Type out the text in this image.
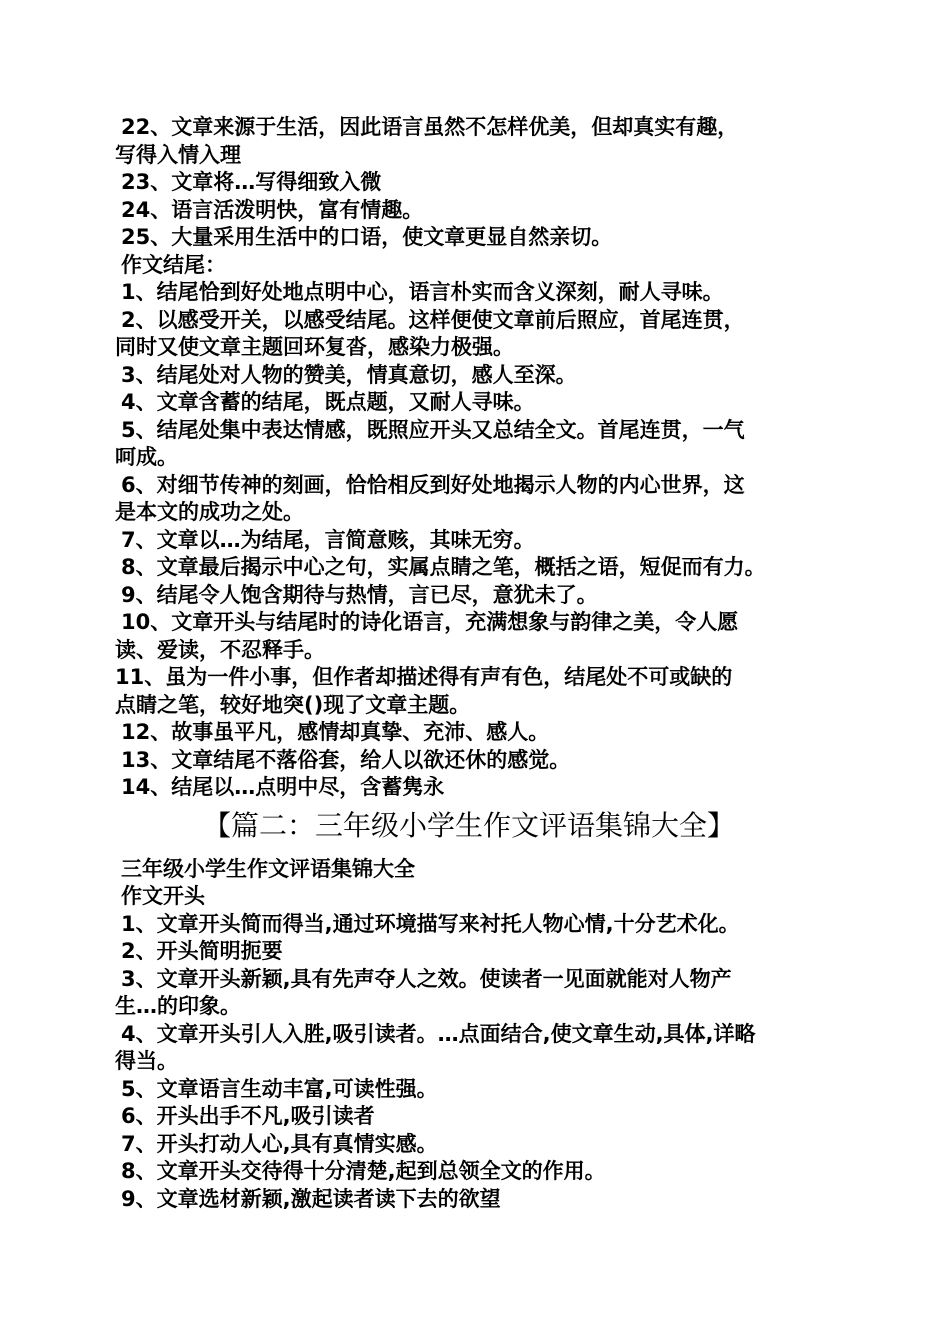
22、文章来源于生活，因此语言虽然不怎样优美，但却真实有趣，
写得入情入理
23、文章将…写得细致入微
24、语言活泼明快，富有情趣。
25、大量采用生活中的口语，使文章更显自然亲切。
作文结尾：
1、结尾恰到好处地点明中心，语言朴实而含义深刻，耐人寻味。
2、以感受开关，以感受结尾。这样便使文章前后照应，首尾连贯，
同时又使文章主题回环复沓，感染力极强。
3、结尾处对人物的赞美，情真意切，感人至深。
4、文章含蓄的结尾，既点题，又耐人寻味。
5、结尾处集中表达情感，既照应开头又总结全文。首尾连贯，一气
呵成。
6、对细节传神的刻画，恰恰相反到好处地揭示人物的内心世界，这
是本文的成功之处。
7、文章以…为结尾，言简意赅，其味无穷。
8、文章最后揭示中心之句，实属点睛之笔，概括之语，短促而有力。
9、结尾令人饱含期待与热情，言已尽，意犹未了。
10、文章开头与结尾时的诗化语言，充满想象与韵律之美，令人愿
读、爱读，不忍释手。
11、虽为一件小事，但作者却描述得有声有色，结尾处不可或缺的
点睛之笔，较好地突()现了文章主题。
12、故事虽平凡，感情却真挚、充沛、感人。
13、文章结尾不落俗套，给人以欲还休的感觉。
14、结尾以…点明中尽，含蓄隽永
【篇二：三年级小学生作文评语集锦大全】
三年级小学生作文评语集锦大全
作文开头
1、文章开头简而得当,通过环境描写来衬托人物心情,十分艺术化。
2、开头简明扼要
3、文章开头新颖,具有先声夺人之效。使读者一见面就能对人物产
生…的印象。
4、文章开头引人入胜,吸引读者。…点面结合,使文章生动,具体,详略
得当。
5、文章语言生动丰富,可读性强。
6、开头出手不凡,吸引读者
7、开头打动人心,具有真情实感。
8、文章开头交待得十分清楚,起到总领全文的作用。
9、文章选材新颖,激起读者读下去的欲望
